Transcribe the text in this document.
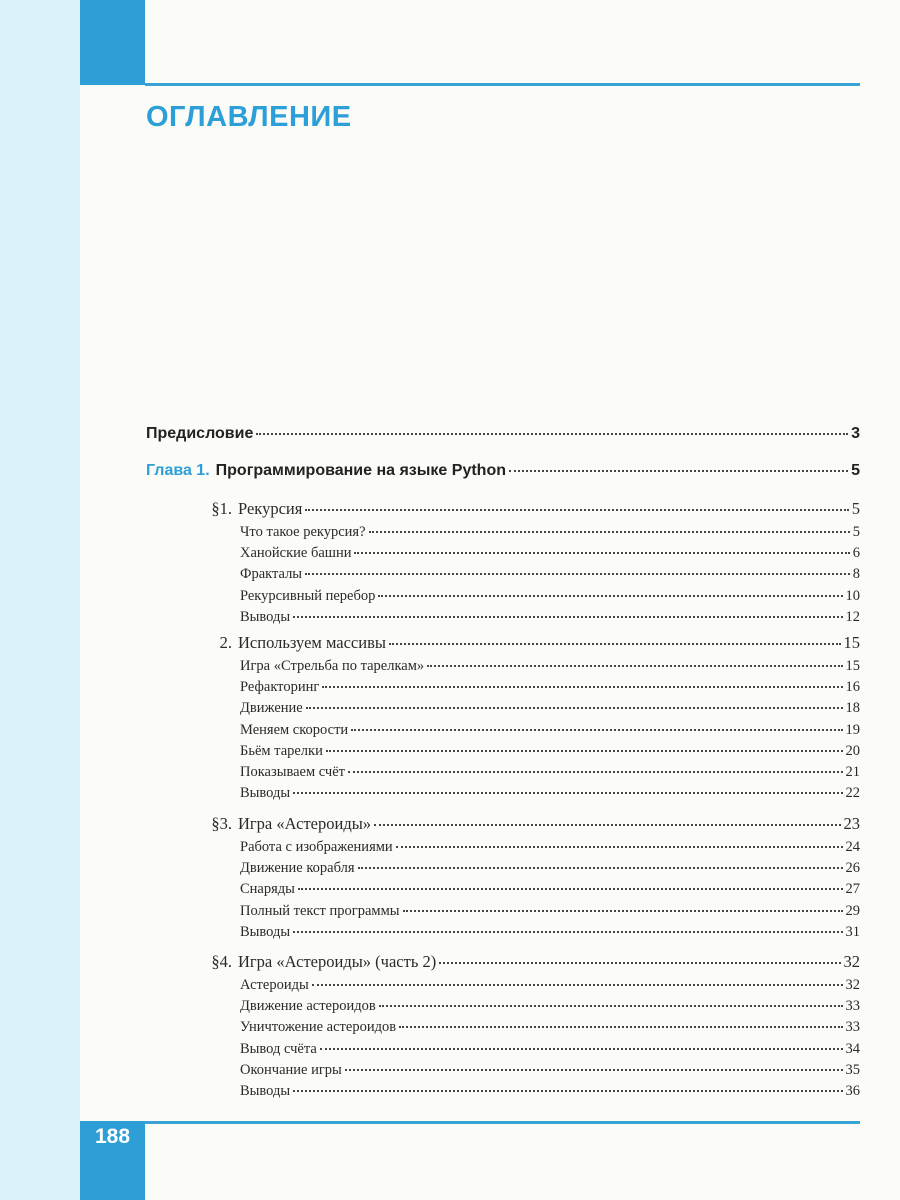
ОГЛАВЛЕНИЕ
Предисловие	3
Глава 1. Программирование на языке Python	5
§1. Рекурсия	5
Что такое рекурсия?	5
Ханойские башни	6
Фракталы	8
Рекурсивный перебор	10
Выводы	12
2. Используем массивы	15
Игра «Стрельба по тарелкам»	15
Рефакторинг	16
Движение	18
Меняем скорости	19
Бьём тарелки	20
Показываем счёт	21
Выводы	22
§3. Игра «Астероиды»	23
Работа с изображениями	24
Движение корабля	26
Снаряды	27
Полный текст программы	29
Выводы	31
§4. Игра «Астероиды» (часть 2)	32
Астероиды	32
Движение астероидов	33
Уничтожение астероидов	33
Вывод счёта	34
Окончание игры	35
Выводы	36
188
